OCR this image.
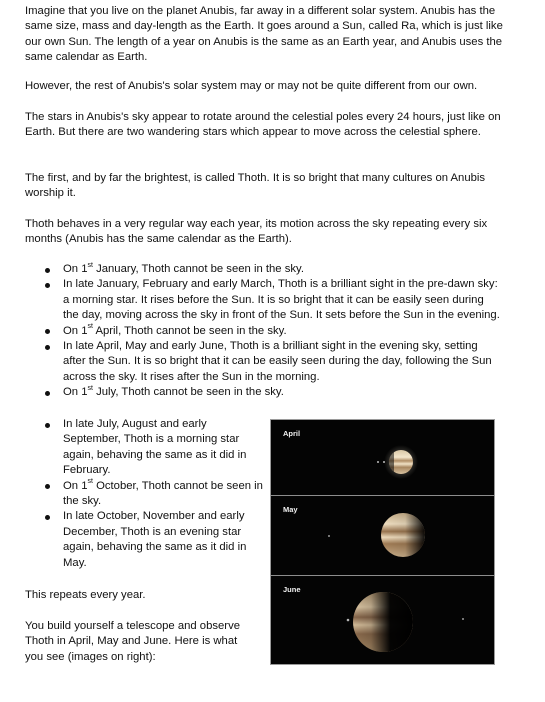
Imagine that you live on the planet Anubis, far away in a different solar system. Anubis has the same size, mass and day-length as the Earth. It goes around a Sun, called Ra, which is just like our own Sun. The length of a year on Anubis is the same as an Earth year, and Anubis uses the same calendar as Earth.

However, the rest of Anubis's solar system may or may not be quite different from our own.

The stars in Anubis's sky appear to rotate around the celestial poles every 24 hours, just like on Earth. But there are two wandering stars which appear to move across the celestial sphere.

The first, and by far the brightest, is called Thoth. It is so bright that many cultures on Anubis worship it.

Thoth behaves in a very regular way each year, its motion across the sky repeating every six months (Anubis has the same calendar as the Earth).

On 1st January, Thoth cannot be seen in the sky.
In late January, February and early March, Thoth is a brilliant sight in the pre-dawn sky: a morning star. It rises before the Sun. It is so bright that it can be easily seen during the day, moving across the sky in front of the Sun. It sets before the Sun in the evening.
On 1st April, Thoth cannot be seen in the sky.
In late April, May and early June, Thoth is a brilliant sight in the evening sky, setting after the Sun. It is so bright that it can be easily seen during the day, following the Sun across the sky. It rises after the Sun in the morning.
On 1st July, Thoth cannot be seen in the sky.
In late July, August and early September, Thoth is a morning star again, behaving the same as it did in February.
On 1st October, Thoth cannot be seen in the sky.
In late October, November and early December, Thoth is an evening star again, behaving the same as it did in May.

This repeats every year.

You build yourself a telescope and observe Thoth in April, May and June. Here is what you see (images on right):

April
May
June
